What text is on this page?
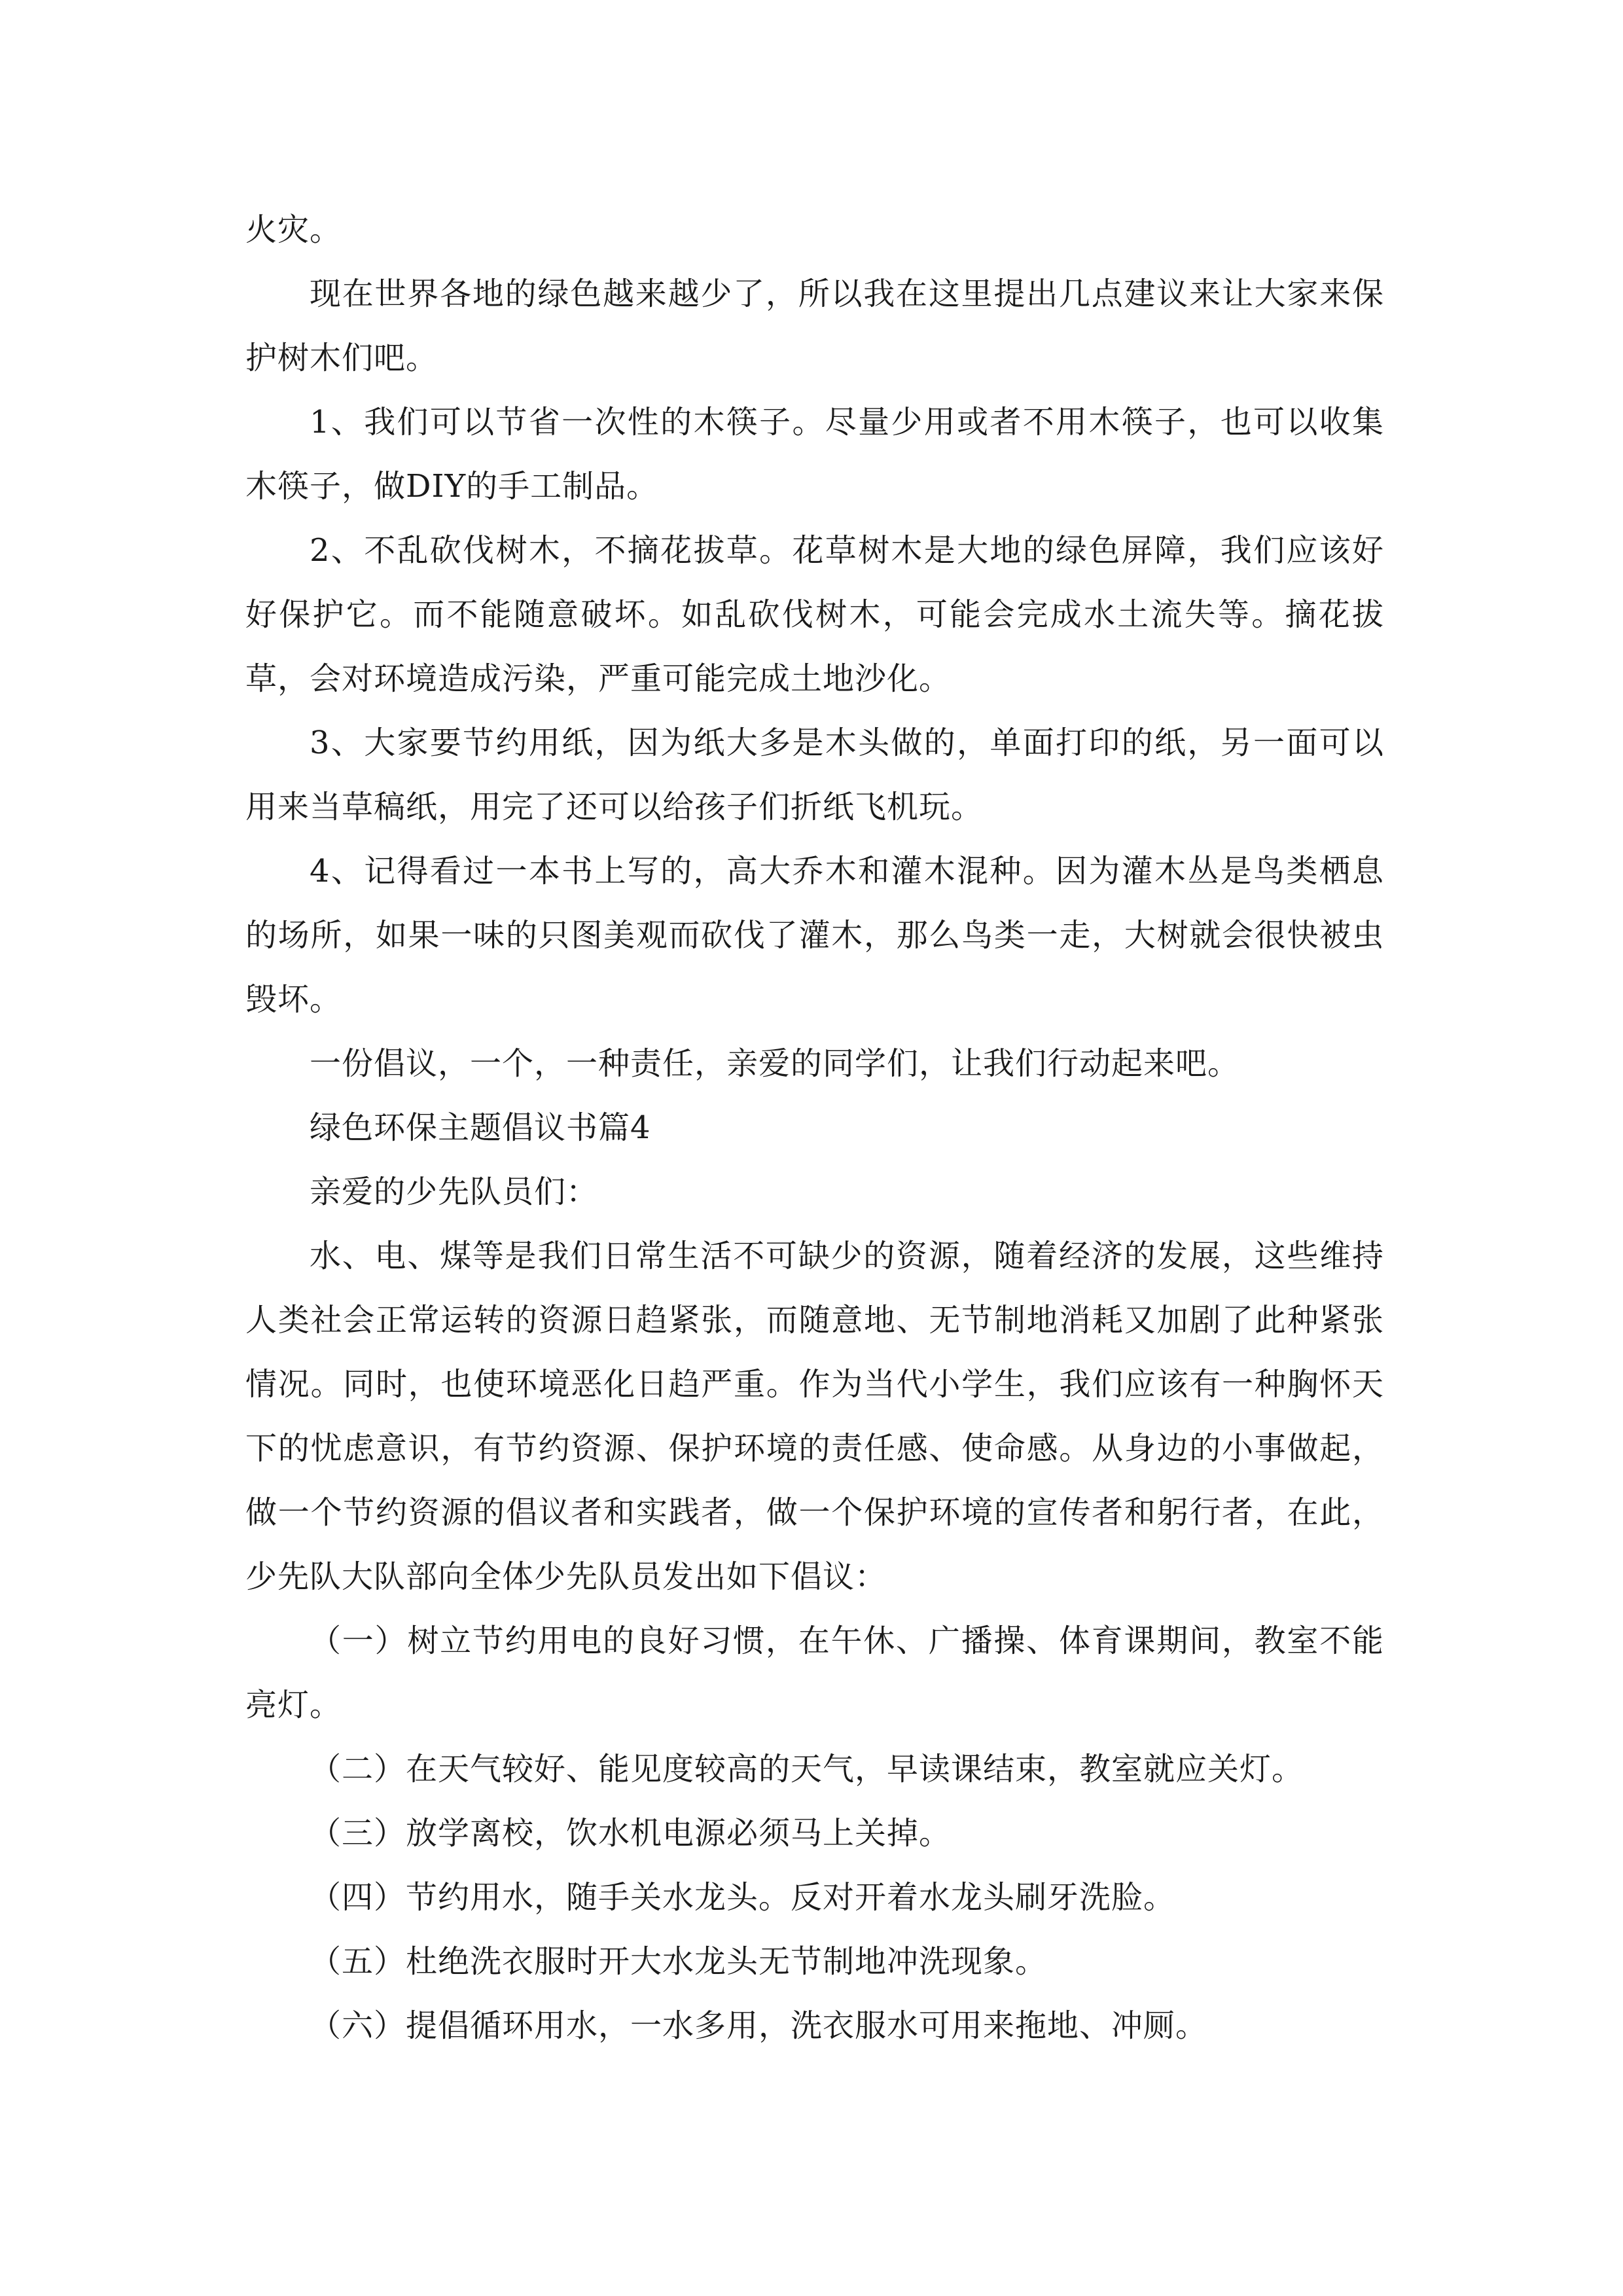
火灾。

现在世界各地的绿色越来越少了，所以我在这里提出几点建议来让大家来保护树木们吧。

1、我们可以节省一次性的木筷子。尽量少用或者不用木筷子，也可以收集木筷子，做DIY的手工制品。

2、不乱砍伐树木，不摘花拔草。花草树木是大地的绿色屏障，我们应该好好保护它。而不能随意破坏。如乱砍伐树木，可能会完成水土流失等。摘花拔草，会对环境造成污染，严重可能完成土地沙化。

3、大家要节约用纸，因为纸大多是木头做的，单面打印的纸，另一面可以用来当草稿纸，用完了还可以给孩子们折纸飞机玩。

4、记得看过一本书上写的，高大乔木和灌木混种。因为灌木丛是鸟类栖息的场所，如果一味的只图美观而砍伐了灌木，那么鸟类一走，大树就会很快被虫毁坏。

一份倡议，一个，一种责任，亲爱的同学们，让我们行动起来吧。

绿色环保主题倡议书篇4

亲爱的少先队员们：

水、电、煤等是我们日常生活不可缺少的资源，随着经济的发展，这些维持人类社会正常运转的资源日趋紧张，而随意地、无节制地消耗又加剧了此种紧张情况。同时，也使环境恶化日趋严重。作为当代小学生，我们应该有一种胸怀天下的忧虑意识，有节约资源、保护环境的责任感、使命感。从身边的小事做起，做一个节约资源的倡议者和实践者，做一个保护环境的宣传者和躬行者，在此，少先队大队部向全体少先队员发出如下倡议：

（一）树立节约用电的良好习惯，在午休、广播操、体育课期间，教室不能亮灯。

（二）在天气较好、能见度较高的天气，早读课结束，教室就应关灯。

（三）放学离校，饮水机电源必须马上关掉。

（四）节约用水，随手关水龙头。反对开着水龙头刷牙洗脸。

（五）杜绝洗衣服时开大水龙头无节制地冲洗现象。

（六）提倡循环用水，一水多用，洗衣服水可用来拖地、冲厕。
